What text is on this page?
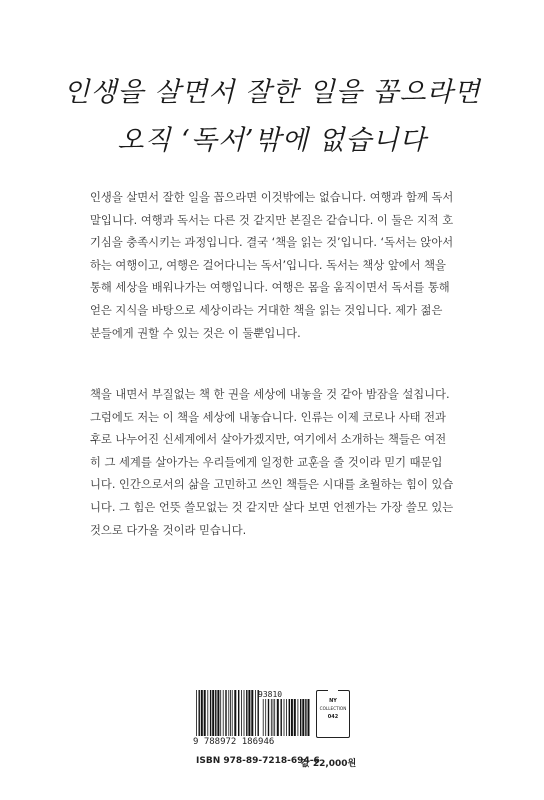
인생을 살면서 잘한 일을 꼽으라면
오직 ‘독서’밖에 없습니다

인생을 살면서 잘한 일을 꼽으라면 이것밖에는 없습니다. 여행과 함께 독서
말입니다. 여행과 독서는 다른 것 같지만 본질은 같습니다. 이 둘은 지적 호
기심을 충족시키는 과정입니다. 결국 ‘책을 읽는 것’입니다. ‘독서는 앉아서
하는 여행이고, 여행은 걸어다니는 독서’입니다. 독서는 책상 앞에서 책을
통해 세상을 배워나가는 여행입니다. 여행은 몸을 움직이면서 독서를 통해
얻은 지식을 바탕으로 세상이라는 거대한 책을 읽는 것입니다. 제가 젊은
분들에게 권할 수 있는 것은 이 둘뿐입니다.

책을 내면서 부질없는 책 한 권을 세상에 내놓을 것 같아 밤잠을 설칩니다.
그럼에도 저는 이 책을 세상에 내놓습니다. 인류는 이제 코로나 사태 전과
후로 나누어진 신세계에서 살아가겠지만, 여기에서 소개하는 책들은 여전
히 그 세계를 살아가는 우리들에게 일정한 교훈을 줄 것이라 믿기 때문입
니다. 인간으로서의 삶을 고민하고 쓰인 책들은 시대를 초월하는 힘이 있습
니다. 그 힘은 언뜻 쓸모없는 것 같지만 살다 보면 언젠가는 가장 쓸모 있는
것으로 다가올 것이라 믿습니다.

93810
9 788972 186946
NY
COLLECTION
042
ISBN 978-89-7218-694-6
값 22,000원
